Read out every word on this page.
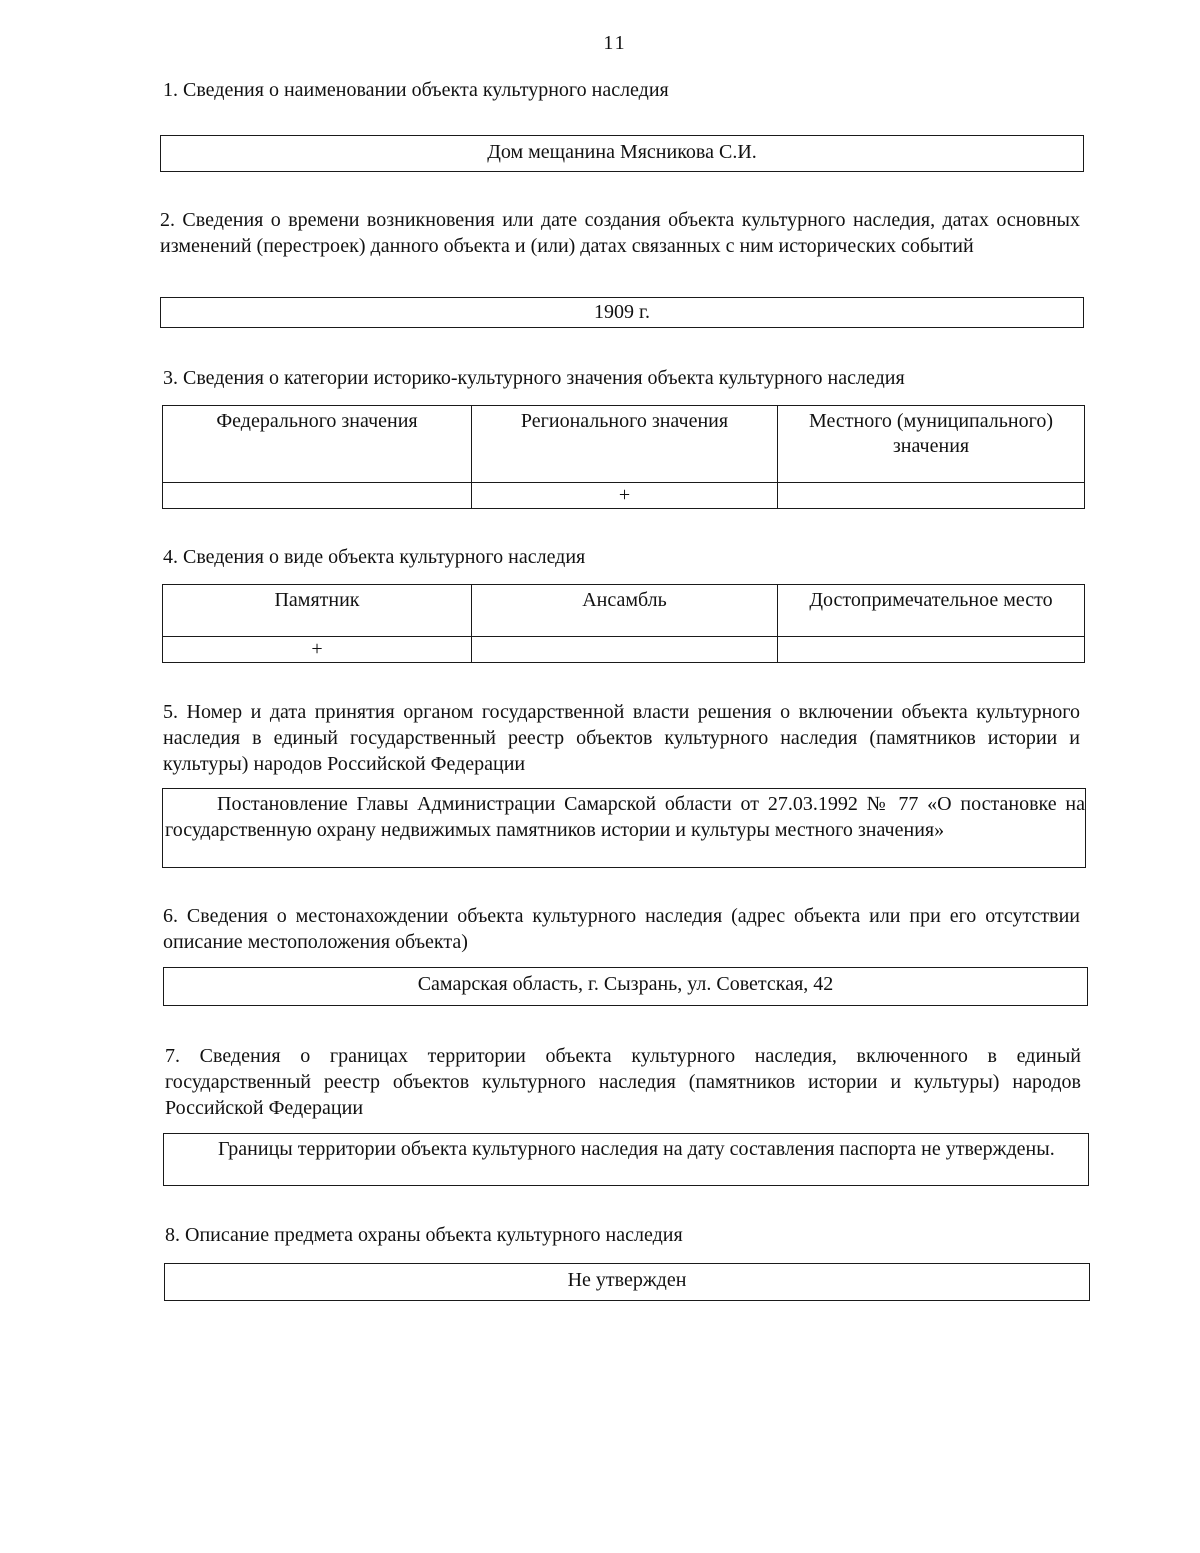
11
1. Сведения о наименовании объекта культурного наследия
Дом мещанина Мясникова С.И.
2. Сведения о времени возникновения или дате создания объекта культурного наследия, датах основных изменений (перестроек) данного объекта и (или) датах связанных с ним исторических событий
1909 г.
3. Сведения о категории историко-культурного значения объекта культурного наследия
Федерального значения	Регионального значения	Местного (муниципального) значения
	+	
4. Сведения о виде объекта культурного наследия
Памятник	Ансамбль	Достопримечательное место
+		
5. Номер и дата принятия органом государственной власти решения о включении объекта культурного наследия в единый государственный реестр объектов культурного наследия (памятников истории и культуры) народов Российской Федерации
Постановление Главы Администрации Самарской области от 27.03.1992 № 77 «О постановке на государственную охрану недвижимых памятников истории и культуры местного значения»
6. Сведения о местонахождении объекта культурного наследия (адрес объекта или при его отсутствии описание местоположения объекта)
Самарская область, г. Сызрань, ул. Советская, 42
7. Сведения о границах территории объекта культурного наследия, включенного в единый государственный реестр объектов культурного наследия (памятников истории и культуры) народов Российской Федерации
Границы территории объекта культурного наследия на дату составления паспорта не утверждены.
8. Описание предмета охраны объекта культурного наследия
Не утвержден
